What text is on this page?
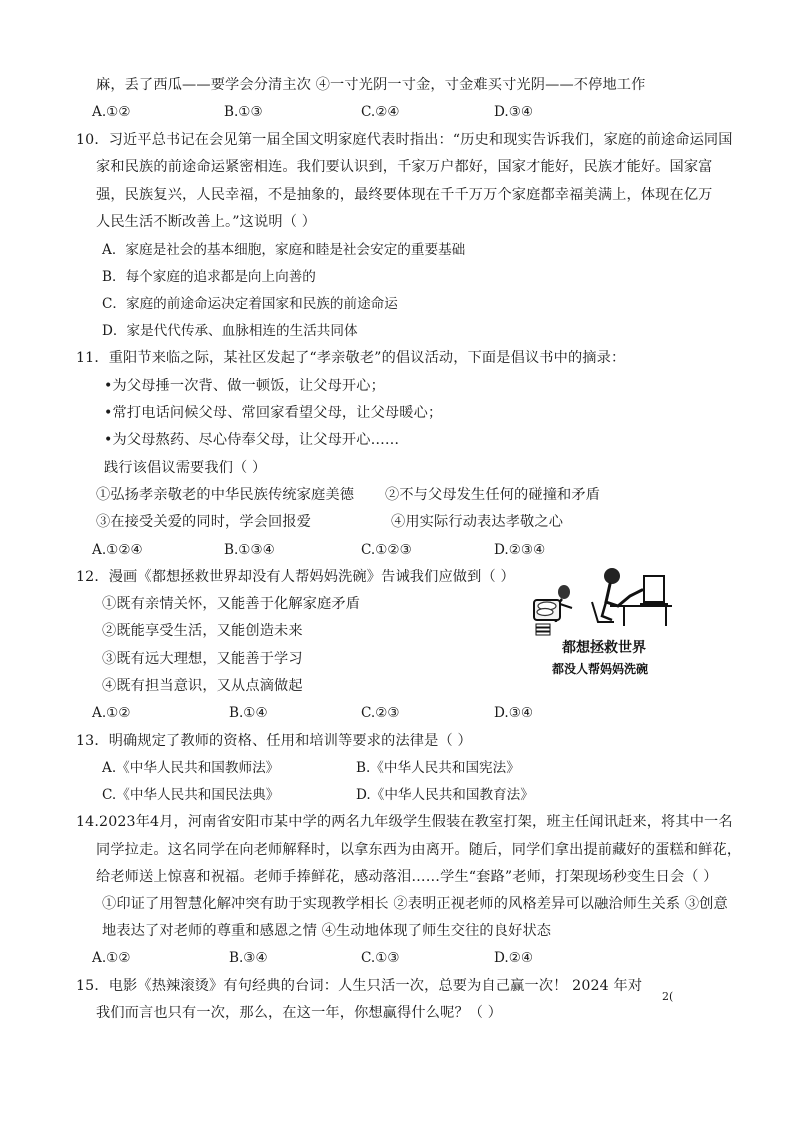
麻，丢了西瓜——要学会分清主次 ④一寸光阴一寸金，寸金难买寸光阴——不停地工作
A.①②	B.①③	C.②④	D.③④
10．习近平总书记在会见第一届全国文明家庭代表时指出：“历史和现实告诉我们，家庭的前途命运同国
家和民族的前途命运紧密相连。我们要认识到，千家万户都好，国家才能好，民族才能好。国家富
强，民族复兴，人民幸福，不是抽象的，最终要体现在千千万万个家庭都幸福美满上，体现在亿万
人民生活不断改善上。”这说明（ ）
A．家庭是社会的基本细胞，家庭和睦是社会安定的重要基础
B．每个家庭的追求都是向上向善的
C．家庭的前途命运决定着国家和民族的前途命运
D．家是代代传承、血脉相连的生活共同体
11．重阳节来临之际，某社区发起了“孝亲敬老”的倡议活动，下面是倡议书中的摘录：
•为父母捶一次背、做一顿饭，让父母开心；
•常打电话问候父母、常回家看望父母，让父母暖心；
•为父母熬药、尽心侍奉父母，让父母开心……
践行该倡议需要我们（ ）
①弘扬孝亲敬老的中华民族传统家庭美德 ②不与父母发生任何的碰撞和矛盾
③在接受关爱的同时，学会回报爱	④用实际行动表达孝敬之心
A.①②④	B.①③④	C.①②③	D.②③④
12．漫画《都想拯救世界却没有人帮妈妈洗碗》告诫我们应做到（ ）
①既有亲情关怀，又能善于化解家庭矛盾
②既能享受生活，又能创造未来
③既有远大理想，又能善于学习
④既有担当意识，又从点滴做起
A.①②	B.①④	C.②③	D.③④
都想拯救世界
都没人帮妈妈洗碗
13．明确规定了教师的资格、任用和培训等要求的法律是（ ）
A.《中华人民共和国教师法》	B.《中华人民共和国宪法》
C.《中华人民共和国民法典》	D.《中华人民共和国教育法》
14.2023年4月，河南省安阳市某中学的两名九年级学生假装在教室打架，班主任闻讯赶来，将其中一名
同学拉走。这名同学在向老师解释时，以拿东西为由离开。随后，同学们拿出提前藏好的蛋糕和鲜花，
给老师送上惊喜和祝福。老师手捧鲜花，感动落泪……学生“套路”老师，打架现场秒变生日会（ ）
①印证了用智慧化解冲突有助于实现教学相长 ②表明正视老师的风格差异可以融洽师生关系 ③创意
地表达了对老师的尊重和感恩之情 ④生动地体现了师生交往的良好状态
A.①②	B.③④	C.①③	D.②④
15．电影《热辣滚烫》有句经典的台词：人生只活一次，总要为自己赢一次！ 2024 年对
2(
我们而言也只有一次，那么，在这一年，你想赢得什么呢？（ ）
